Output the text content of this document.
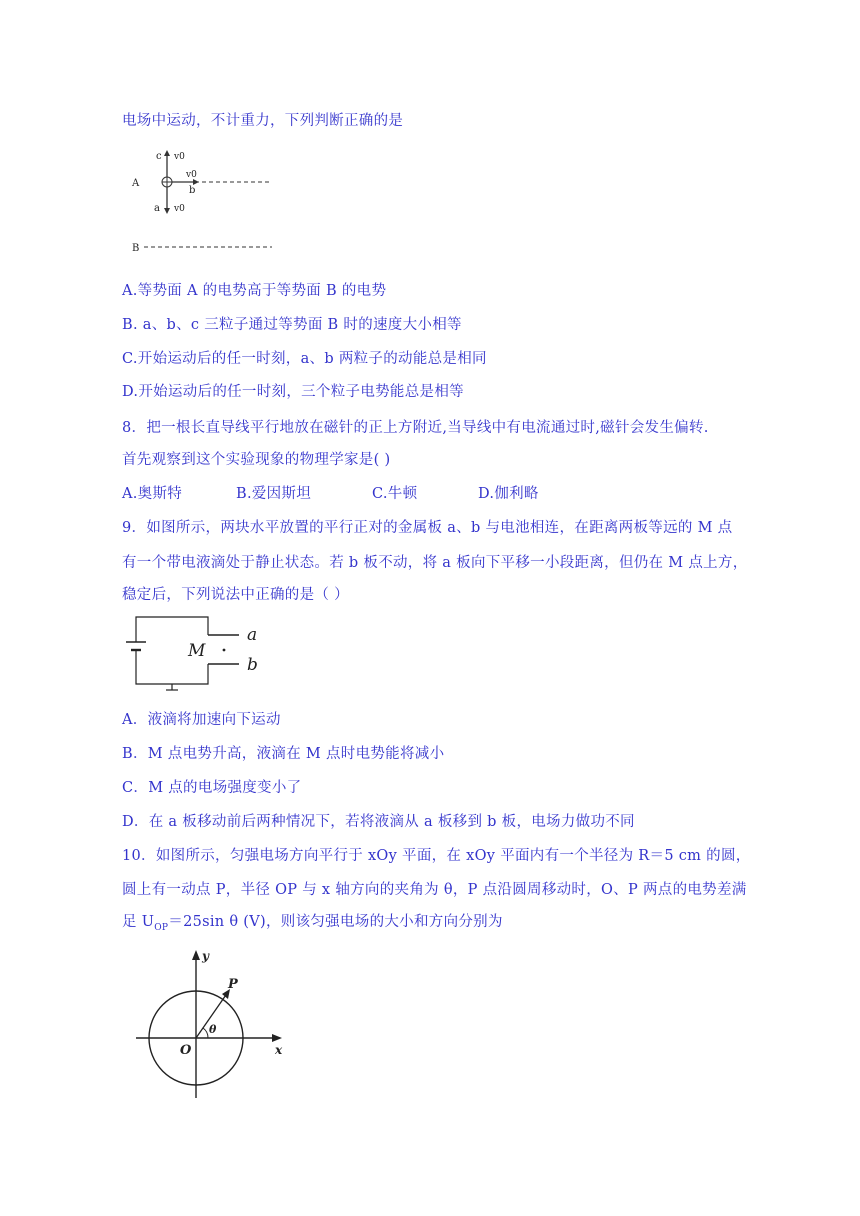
电场中运动，不计重力，下列判断正确的是
c v0
v0
A
b
a v0
B
A.等势面 A 的电势高于等势面 B 的电势
B. a、b、c 三粒子通过等势面 B 时的速度大小相等
C.开始运动后的任一时刻，a、b 两粒子的动能总是相同
D.开始运动后的任一时刻，三个粒子电势能总是相等
8．把一根长直导线平行地放在磁针的正上方附近,当导线中有电流通过时,磁针会发生偏转.
首先观察到这个实验现象的物理学家是( )
A.奥斯特	B.爱因斯坦	C.牛顿	D.伽利略
9．如图所示，两块水平放置的平行正对的金属板 a、b 与电池相连，在距离两板等远的 M 点
有一个带电液滴处于静止状态。若 b 板不动，将 a 板向下平移一小段距离，但仍在 M 点上方，
稳定后，下列说法中正确的是（ ）
M
a
b
A．液滴将加速向下运动
B．M 点电势升高，液滴在 M 点时电势能将减小
C．M 点的电场强度变小了
D．在 a 板移动前后两种情况下，若将液滴从 a 板移到 b 板，电场力做功不同
10．如图所示，匀强电场方向平行于 xOy 平面，在 xOy 平面内有一个半径为 R＝5 cm 的圆，
圆上有一动点 P，半径 OP 与 x 轴方向的夹角为 θ，P 点沿圆周移动时，O、P 两点的电势差满
足 $U_{OP}=25\sin$ θ (V)，则该匀强电场的大小和方向分别为
y
x
O
P
θ
